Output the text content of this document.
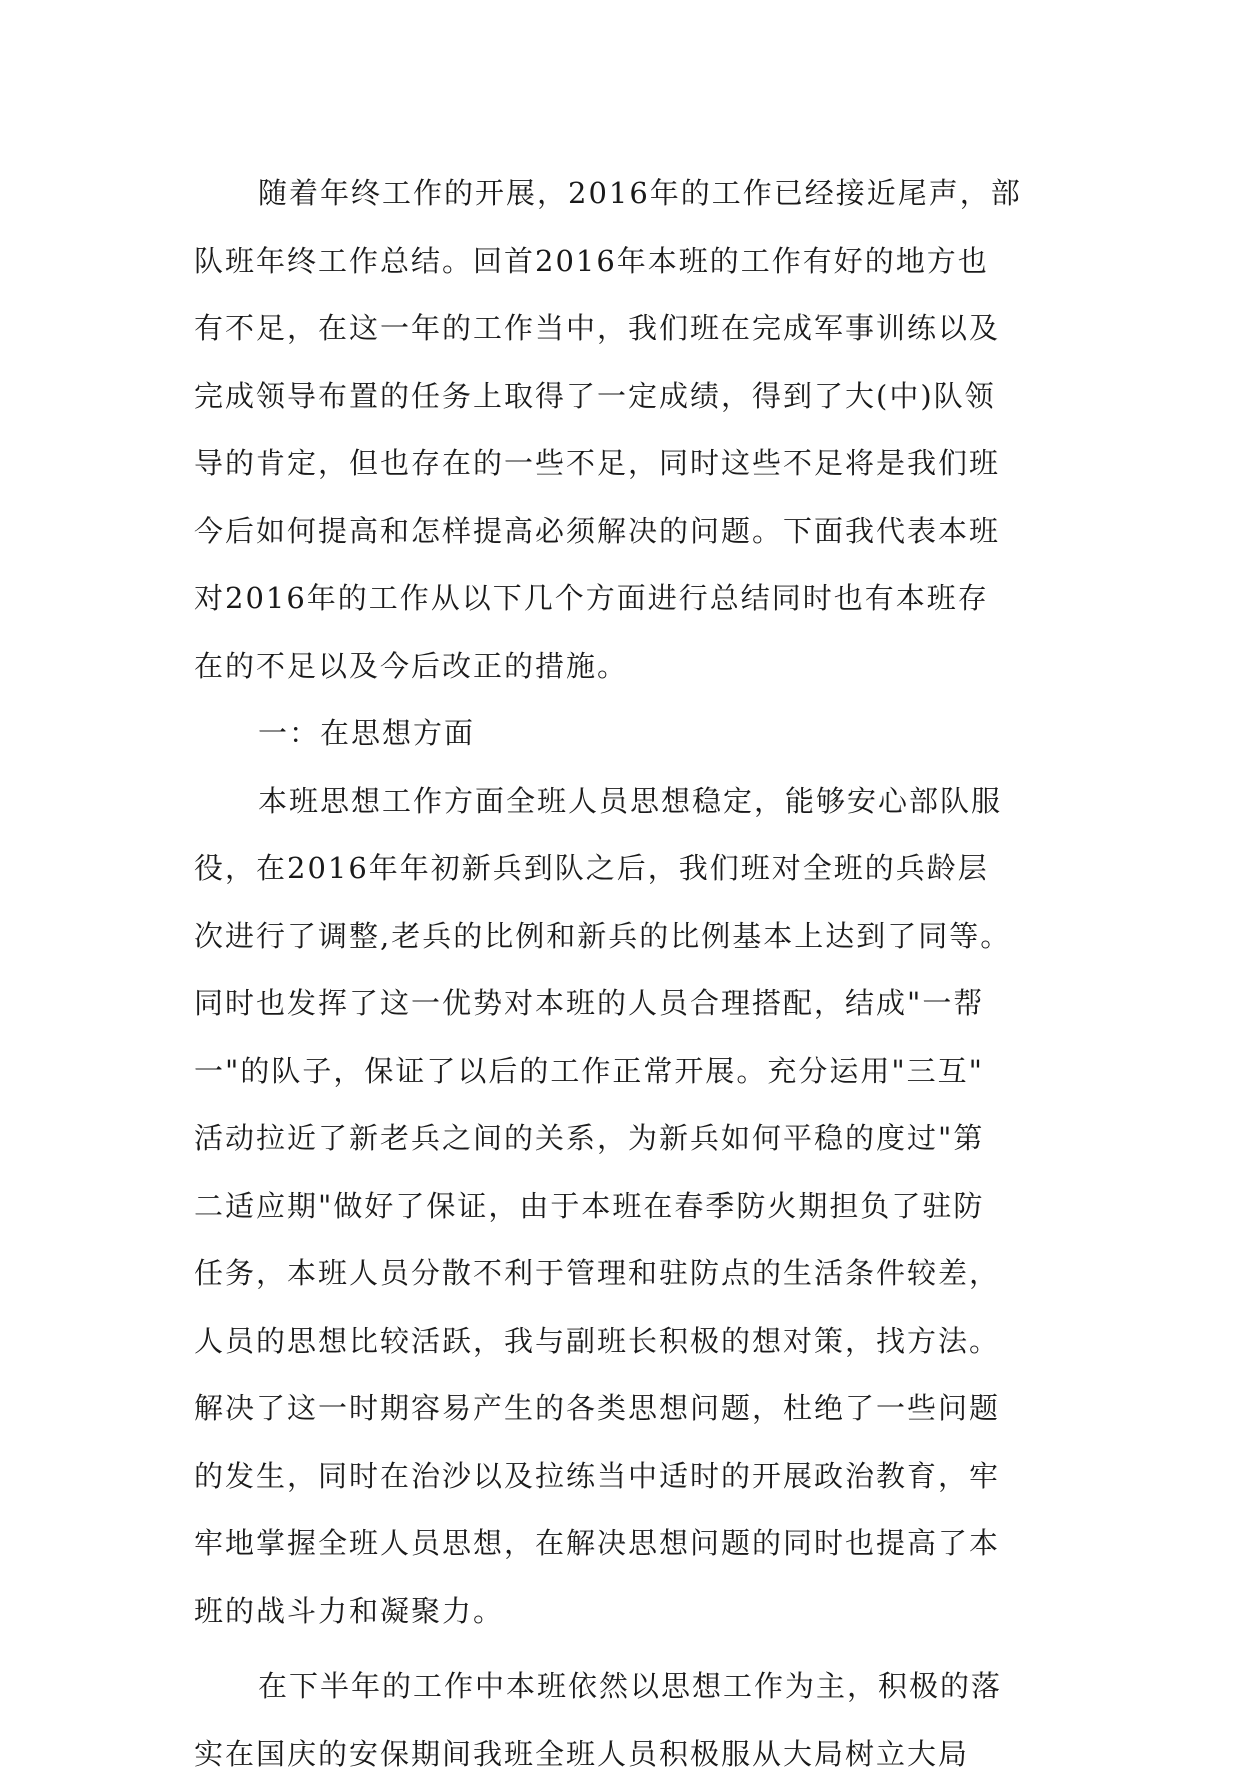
随着年终工作的开展，2016年的工作已经接近尾声，部
队班年终工作总结。回首2016年本班的工作有好的地方也
有不足，在这一年的工作当中，我们班在完成军事训练以及
完成领导布置的任务上取得了一定成绩，得到了大(中)队领
导的肯定，但也存在的一些不足，同时这些不足将是我们班
今后如何提高和怎样提高必须解决的问题。下面我代表本班
对2016年的工作从以下几个方面进行总结同时也有本班存
在的不足以及今后改正的措施。
一：在思想方面
本班思想工作方面全班人员思想稳定，能够安心部队服
役，在2016年年初新兵到队之后，我们班对全班的兵龄层
次进行了调整,老兵的比例和新兵的比例基本上达到了同等。
同时也发挥了这一优势对本班的人员合理搭配，结成"一帮
一"的队子，保证了以后的工作正常开展。充分运用"三互"
活动拉近了新老兵之间的关系，为新兵如何平稳的度过"第
二适应期"做好了保证，由于本班在春季防火期担负了驻防
任务，本班人员分散不利于管理和驻防点的生活条件较差，
人员的思想比较活跃，我与副班长积极的想对策，找方法。
解决了这一时期容易产生的各类思想问题，杜绝了一些问题
的发生，同时在治沙以及拉练当中适时的开展政治教育，牢
牢地掌握全班人员思想，在解决思想问题的同时也提高了本
班的战斗力和凝聚力。
在下半年的工作中本班依然以思想工作为主，积极的落
实在国庆的安保期间我班全班人员积极服从大局树立大局
